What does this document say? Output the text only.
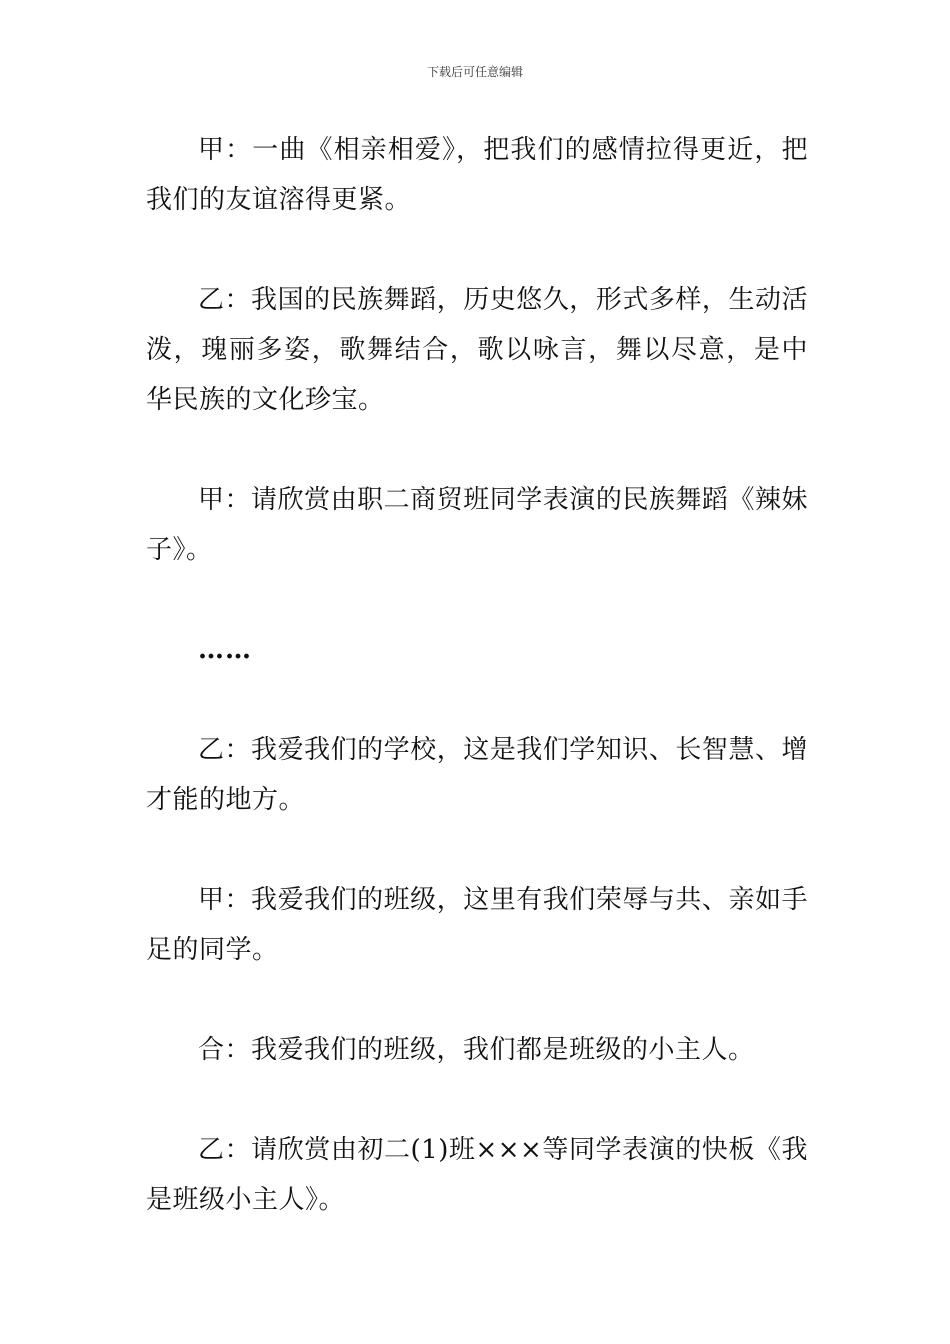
下载后可任意编辑

甲：一曲《相亲相爱》，把我们的感情拉得更近，把我们的友谊溶得更紧。

乙：我国的民族舞蹈，历史悠久，形式多样，生动活泼，瑰丽多姿，歌舞结合，歌以咏言，舞以尽意，是中华民族的文化珍宝。

甲：请欣赏由职二商贸班同学表演的民族舞蹈《辣妹子》。

……

乙：我爱我们的学校，这是我们学知识、长智慧、增才能的地方。

甲：我爱我们的班级，这里有我们荣辱与共、亲如手足的同学。

合：我爱我们的班级，我们都是班级的小主人。

乙：请欣赏由初二(1)班×××等同学表演的快板《我是班级小主人》。
